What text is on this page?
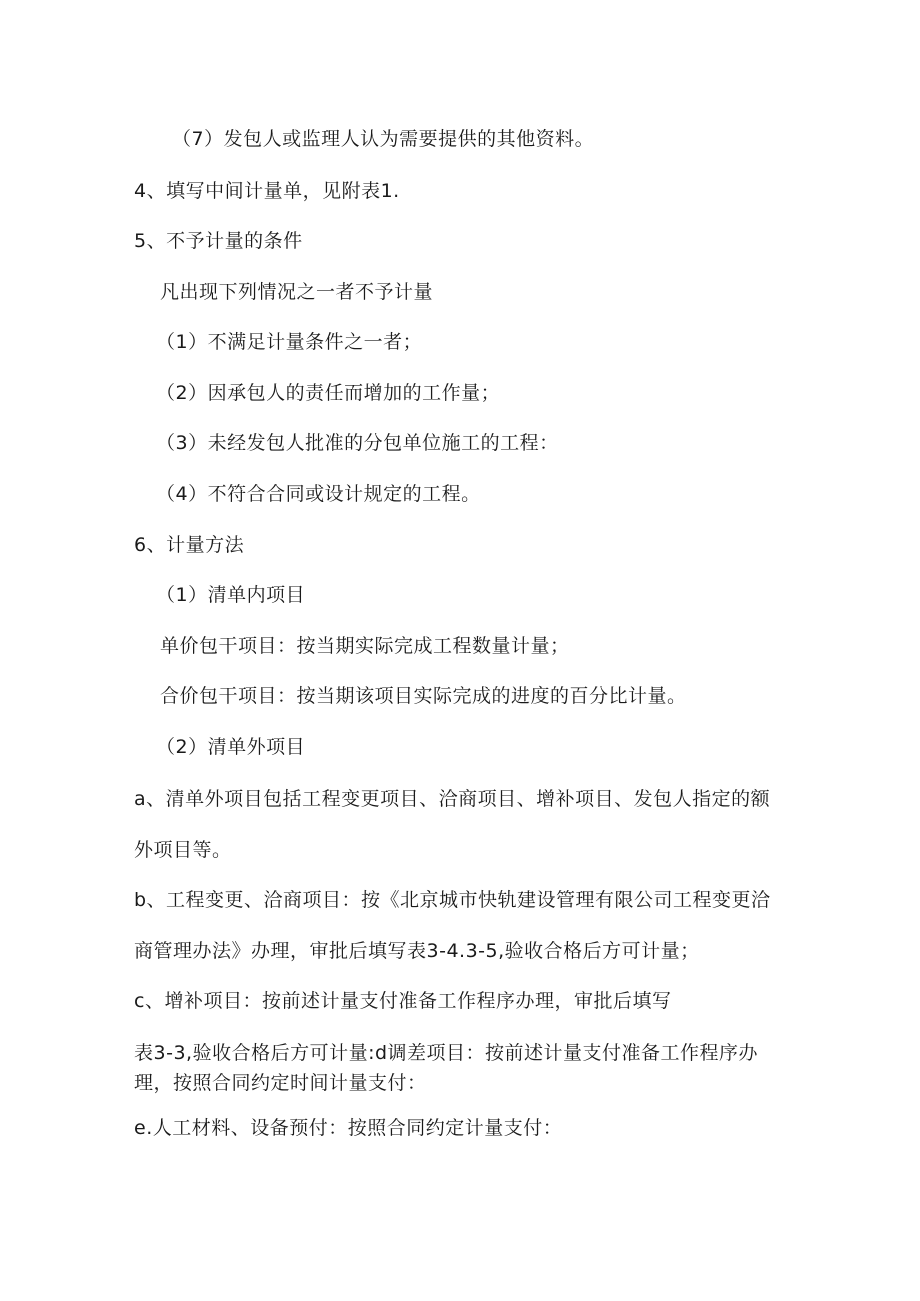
（7）发包人或监理人认为需要提供的其他资料。
4、填写中间计量单，见附表1.
5、不予计量的条件
凡出现下列情况之一者不予计量
（1）不满足计量条件之一者；
（2）因承包人的责任而增加的工作量；
（3）未经发包人批准的分包单位施工的工程：
（4）不符合合同或设计规定的工程。
6、计量方法
（1）清单内项目
单价包干项目：按当期实际完成工程数量计量；
合价包干项目：按当期该项目实际完成的进度的百分比计量。
（2）清单外项目
a、清单外项目包括工程变更项目、洽商项目、增补项目、发包人指定的额
外项目等。
b、工程变更、洽商项目：按《北京城市快轨建设管理有限公司工程变更洽
商管理办法》办理，审批后填写表3-4.3-5,验收合格后方可计量；
c、增补项目：按前述计量支付准备工作程序办理，审批后填写
表3-3,验收合格后方可计量:d调差项目：按前述计量支付准备工作程序办
理，按照合同约定时间计量支付：
e.人工材料、设备预付：按照合同约定计量支付：
